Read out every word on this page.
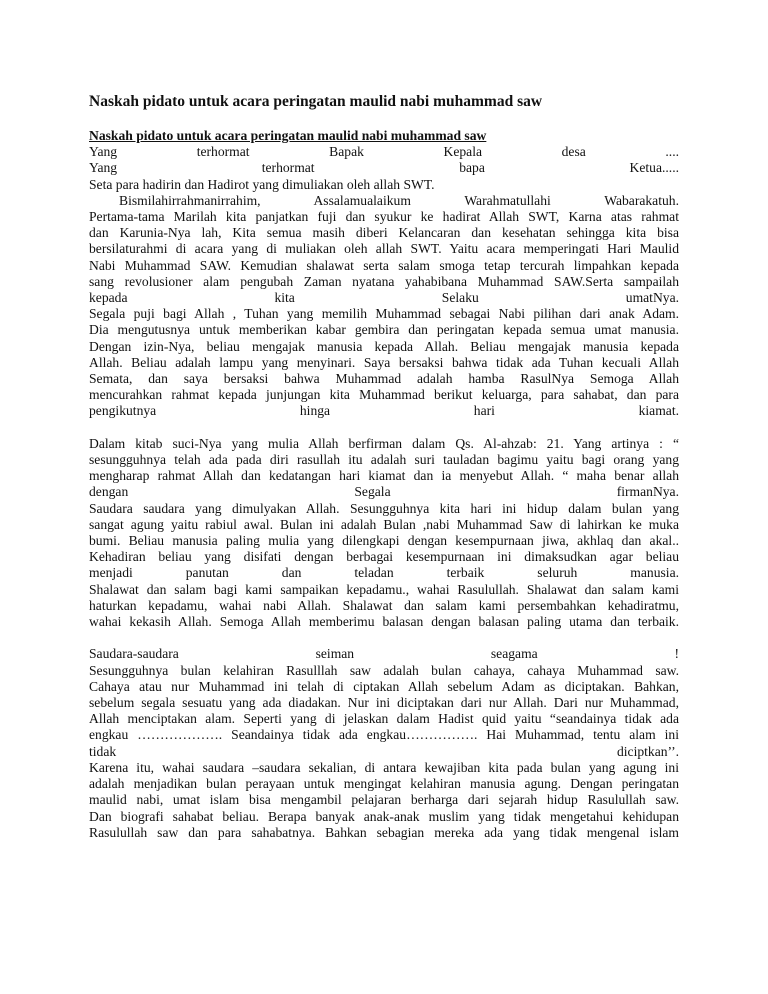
Naskah pidato untuk acara peringatan maulid nabi muhammad saw
Naskah pidato untuk acara peringatan maulid nabi muhammad saw
Yang terhormat Bapak Kepala desa ....
Yang terhormat bapa Ketua.....
Seta para hadirin dan Hadirot yang dimuliakan oleh allah SWT.
Bismilahirrahmanirrahim, Assalamualaikum Warahmatullahi Wabarakatuh.
Pertama-tama Marilah kita panjatkan fuji dan syukur ke hadirat Allah SWT, Karna atas rahmat
dan Karunia-Nya lah, Kita semua masih diberi Kelancaran dan kesehatan sehingga kita bisa
bersilaturahmi di acara yang di muliakan oleh allah SWT. Yaitu acara memperingati Hari Maulid
Nabi Muhammad SAW. Kemudian shalawat serta salam smoga tetap tercurah limpahkan kepada
sang revolusioner alam pengubah Zaman nyatana yahabibana Muhammad SAW.Serta sampailah
kepada kita Selaku umatNya.
Segala puji bagi Allah , Tuhan yang memilih Muhammad sebagai Nabi pilihan dari anak Adam.
Dia mengutusnya untuk memberikan kabar gembira dan peringatan kepada semua umat manusia.
Dengan izin-Nya, beliau mengajak manusia kepada Allah. Beliau mengajak manusia kepada
Allah. Beliau adalah lampu yang menyinari. Saya bersaksi bahwa tidak ada Tuhan kecuali Allah
Semata, dan saya bersaksi bahwa Muhammad adalah hamba RasulNya Semoga Allah
mencurahkan rahmat kepada junjungan kita Muhammad berikut keluarga, para sahabat, dan para
pengikutnya hinga hari kiamat.
Dalam kitab suci-Nya yang mulia Allah berfirman dalam Qs. Al-ahzab: 21. Yang artinya : “
sesungguhnya telah ada pada diri rasullah itu adalah suri tauladan bagimu yaitu bagi orang yang
mengharap rahmat Allah dan kedatangan hari kiamat dan ia menyebut Allah. “ maha benar allah
dengan Segala firmanNya.
Saudara saudara yang dimulyakan Allah. Sesungguhnya kita hari ini hidup dalam bulan yang
sangat agung yaitu rabiul awal. Bulan ini adalah Bulan ,nabi Muhammad Saw di lahirkan ke muka
bumi. Beliau manusia paling mulia yang dilengkapi dengan kesempurnaan jiwa, akhlaq dan akal..
Kehadiran beliau yang disifati dengan berbagai kesempurnaan ini dimaksudkan agar beliau
menjadi panutan dan teladan terbaik seluruh manusia.
Shalawat dan salam bagi kami sampaikan kepadamu., wahai Rasulullah. Shalawat dan salam kami
haturkan kepadamu, wahai nabi Allah. Shalawat dan salam kami persembahkan kehadiratmu,
wahai kekasih Allah. Semoga Allah memberimu balasan dengan balasan paling utama dan terbaik.
Saudara-saudara seiman seagama !
Sesungguhnya bulan kelahiran Rasulllah saw adalah bulan cahaya, cahaya Muhammad saw.
Cahaya atau nur Muhammad ini telah di ciptakan Allah sebelum Adam as diciptakan. Bahkan,
sebelum segala sesuatu yang ada diadakan. Nur ini diciptakan dari nur Allah. Dari nur Muhammad,
Allah menciptakan alam. Seperti yang di jelaskan dalam Hadist quid yaitu “seandainya tidak ada
engkau ………………. Seandainya tidak ada engkau……………. Hai Muhammad, tentu alam ini
tidak diciptkan’’.
Karena itu, wahai saudara –saudara sekalian, di antara kewajiban kita pada bulan yang agung ini
adalah menjadikan bulan perayaan untuk mengingat kelahiran manusia agung. Dengan peringatan
maulid nabi, umat islam bisa mengambil pelajaran berharga dari sejarah hidup Rasulullah saw.
Dan biografi sahabat beliau. Berapa banyak anak-anak muslim yang tidak mengetahui kehidupan
Rasulullah saw dan para sahabatnya. Bahkan sebagian mereka ada yang tidak mengenal islam
